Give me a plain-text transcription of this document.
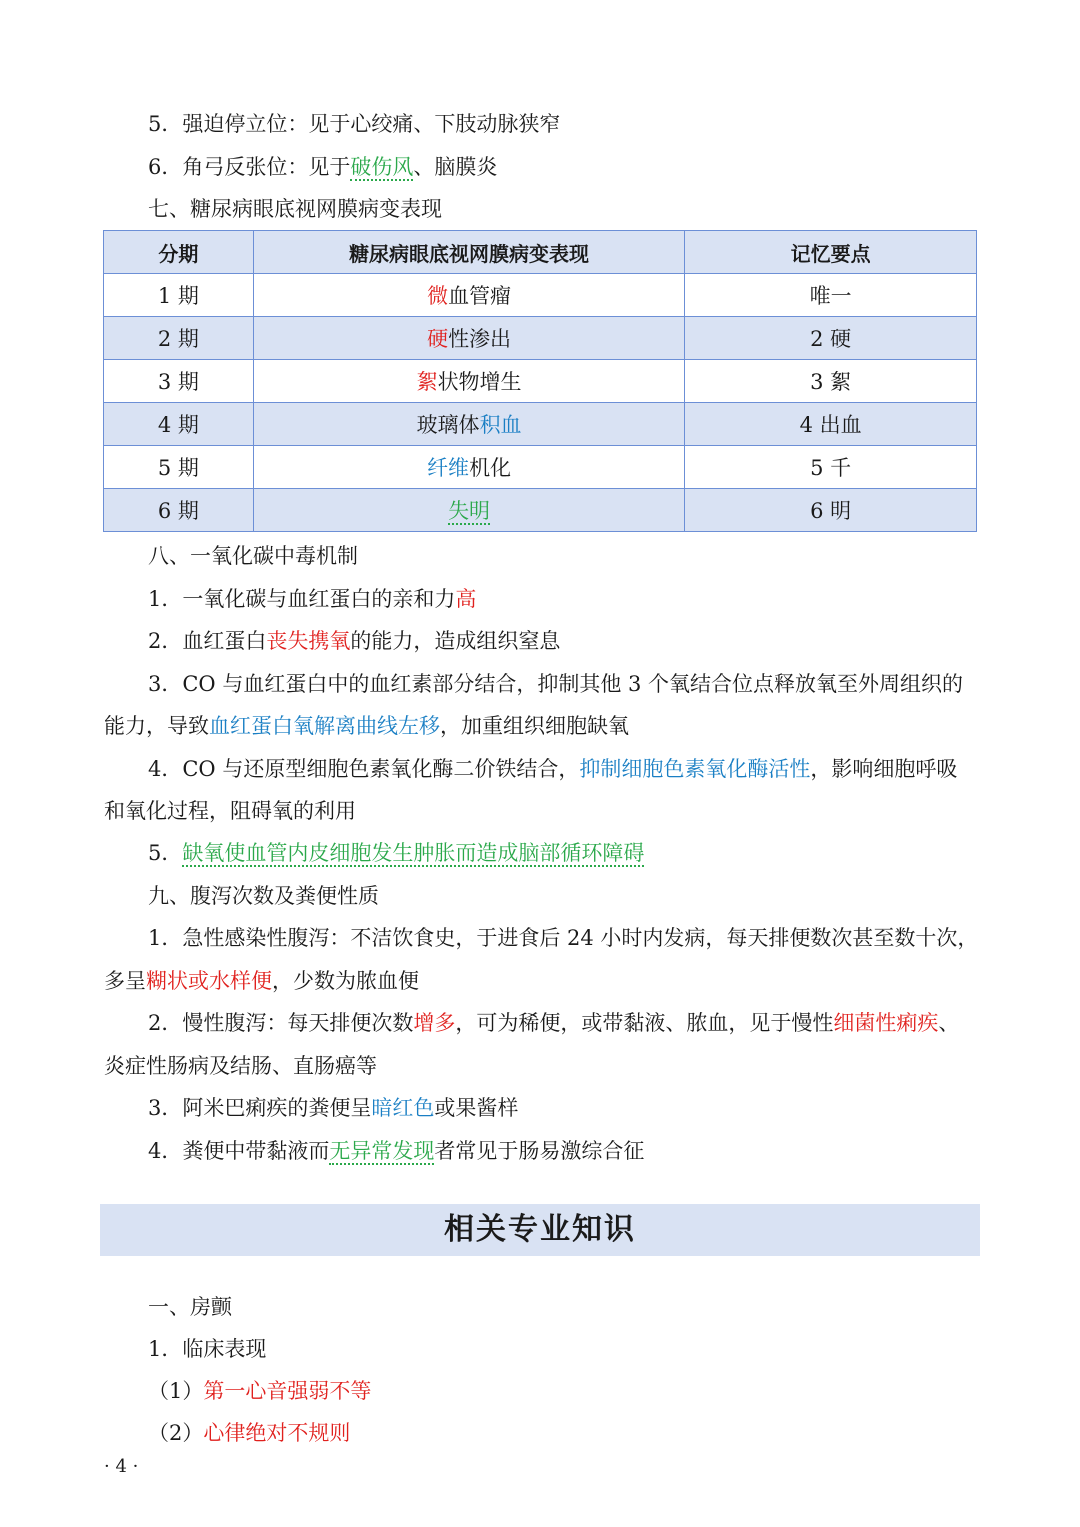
5．强迫停立位：见于心绞痛、下肢动脉狭窄
6．角弓反张位：见于破伤风、脑膜炎
七、糖尿病眼底视网膜病变表现
分期	糖尿病眼底视网膜病变表现	记忆要点
1 期	微血管瘤	唯一
2 期	硬性渗出	2 硬
3 期	絮状物增生	3 絮
4 期	玻璃体积血	4 出血
5 期	纤维机化	5 千
6 期	失明	6 明
八、一氧化碳中毒机制
1．一氧化碳与血红蛋白的亲和力高
2．血红蛋白丧失携氧的能力，造成组织窒息
3．CO 与血红蛋白中的血红素部分结合，抑制其他 3 个氧结合位点释放氧至外周组织的
能力，导致血红蛋白氧解离曲线左移，加重组织细胞缺氧
4．CO 与还原型细胞色素氧化酶二价铁结合，抑制细胞色素氧化酶活性，影响细胞呼吸
和氧化过程，阻碍氧的利用
5．缺氧使血管内皮细胞发生肿胀而造成脑部循环障碍
九、腹泻次数及粪便性质
1．急性感染性腹泻：不洁饮食史，于进食后 24 小时内发病，每天排便数次甚至数十次，
多呈糊状或水样便，少数为脓血便
2．慢性腹泻：每天排便次数增多，可为稀便，或带黏液、脓血，见于慢性细菌性痢疾、
炎症性肠病及结肠、直肠癌等
3．阿米巴痢疾的粪便呈暗红色或果酱样
4．粪便中带黏液而无异常发现者常见于肠易激综合征
相关专业知识
一、房颤
1．临床表现
（1）第一心音强弱不等
（2）心律绝对不规则
· 4 ·
